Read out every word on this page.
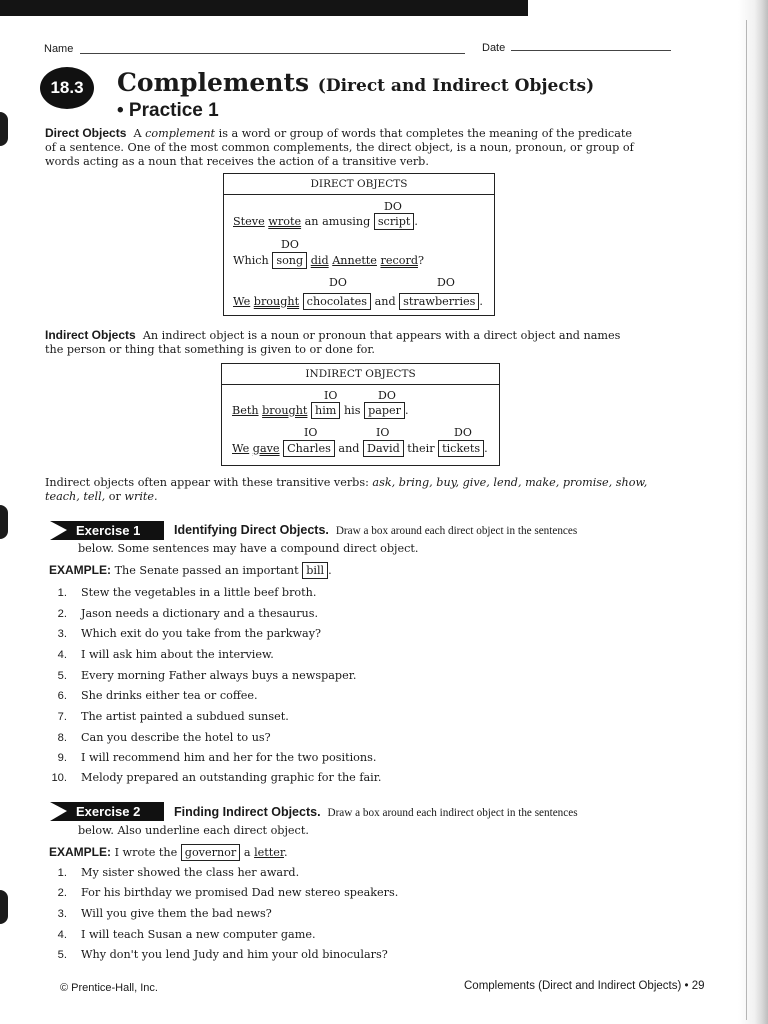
Name	Date
18.3	Complements (Direct and Indirect Objects)
• Practice 1
Direct Objects A complement is a word or group of words that completes the meaning of the predicate
of a sentence. One of the most common complements, the direct object, is a noun, pronoun, or group of
words acting as a noun that receives the action of a transitive verb.
DIRECT OBJECTS
DO
Steve wrote an amusing script .
DO
Which song did Annette record?
DO	DO
We brought chocolates and strawberries .
Indirect Objects An indirect object is a noun or pronoun that appears with a direct object and names
the person or thing that something is given to or done for.
INDIRECT OBJECTS
IO	DO
Beth brought him his paper .
IO	IO	DO
We gave Charles and David their tickets .
Indirect objects often appear with these transitive verbs: ask, bring, buy, give, lend, make, promise, show,
teach, tell, or write.
Exercise 1	Identifying Direct Objects. Draw a box around each direct object in the sentences
below. Some sentences may have a compound direct object.
EXAMPLE: The Senate passed an important bill .
1. Stew the vegetables in a little beef broth.
2. Jason needs a dictionary and a thesaurus.
3. Which exit do you take from the parkway?
4. I will ask him about the interview.
5. Every morning Father always buys a newspaper.
6. She drinks either tea or coffee.
7. The artist painted a subdued sunset.
8. Can you describe the hotel to us?
9. I will recommend him and her for the two positions.
10. Melody prepared an outstanding graphic for the fair.
Exercise 2	Finding Indirect Objects. Draw a box around each indirect object in the sentences
below. Also underline each direct object.
EXAMPLE: I wrote the governor a letter.
1. My sister showed the class her award.
2. For his birthday we promised Dad new stereo speakers.
3. Will you give them the bad news?
4. I will teach Susan a new computer game.
5. Why don't you lend Judy and him your old binoculars?
© Prentice-Hall, Inc.	Complements (Direct and Indirect Objects) • 29
